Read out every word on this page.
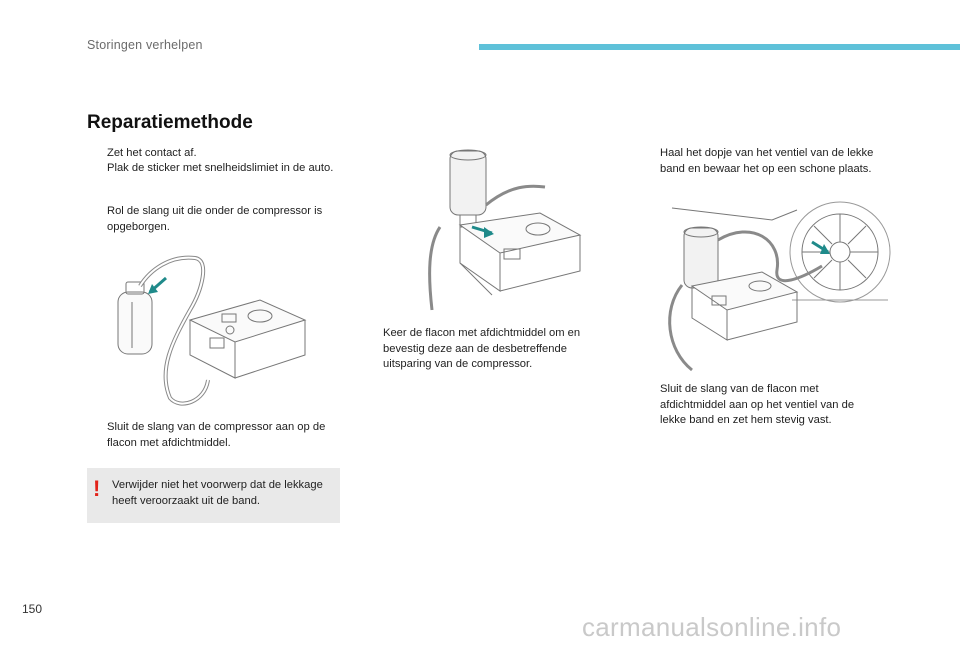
Storingen verhelpen
Reparatiemethode
Zet het contact af.
Plak de sticker met snelheidslimiet in de auto.
Rol de slang uit die onder de compressor is opgeborgen.
Sluit de slang van de compressor aan op de flacon met afdichtmiddel.
! Verwijder niet het voorwerp dat de lekkage heeft veroorzaakt uit de band.
Keer de flacon met afdichtmiddel om en bevestig deze aan de desbetreffende uitsparing van de compressor.
Haal het dopje van het ventiel van de lekke band en bewaar het op een schone plaats.
Sluit de slang van de flacon met afdichtmiddel aan op het ventiel van de lekke band en zet hem stevig vast.
150
carmanualsonline.info
